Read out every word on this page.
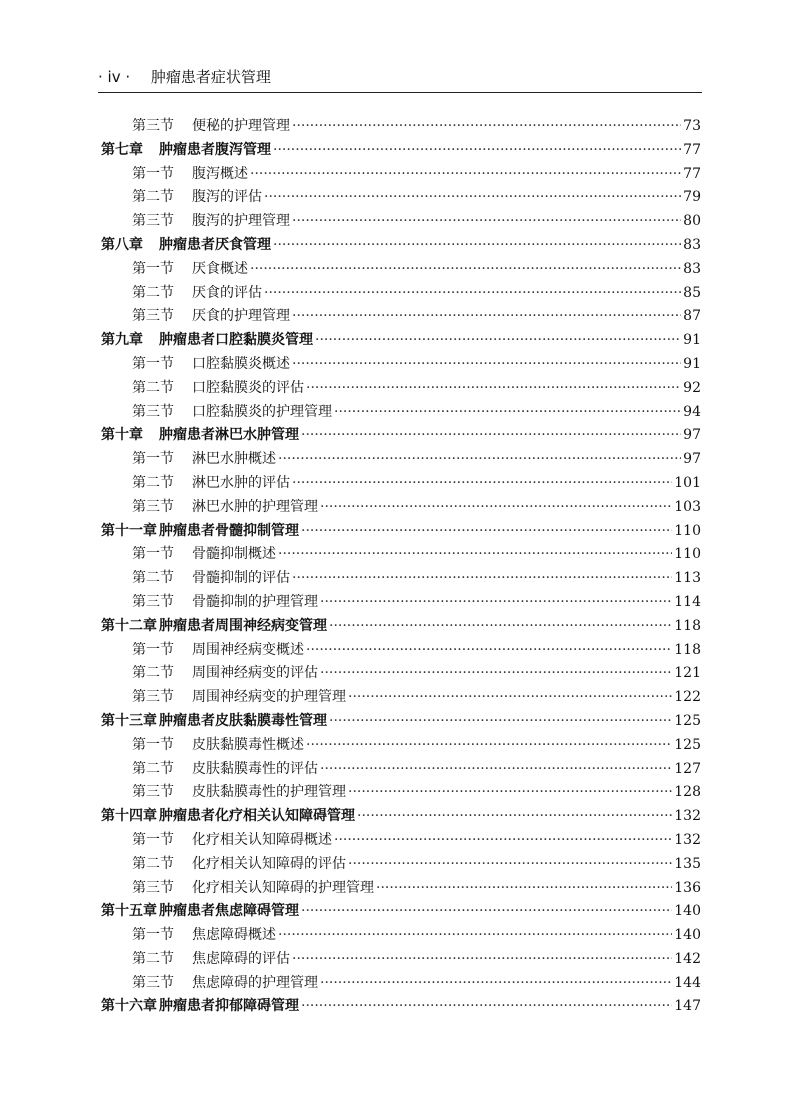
· iv · 肿瘤患者症状管理
第三节	便秘的护理管理 ·····	73
第七章	肿瘤患者腹泻管理 ·····	77
第一节	腹泻概述 ·····	77
第二节	腹泻的评估 ·····	79
第三节	腹泻的护理管理 ·····	80
第八章	肿瘤患者厌食管理 ·····	83
第一节	厌食概述 ·····	83
第二节	厌食的评估 ·····	85
第三节	厌食的护理管理 ·····	87
第九章	肿瘤患者口腔黏膜炎管理 ·····	91
第一节	口腔黏膜炎概述 ·····	91
第二节	口腔黏膜炎的评估 ·····	92
第三节	口腔黏膜炎的护理管理 ·····	94
第十章	肿瘤患者淋巴水肿管理 ·····	97
第一节	淋巴水肿概述 ·····	97
第二节	淋巴水肿的评估 ·····	101
第三节	淋巴水肿的护理管理 ·····	103
第十一章 肿瘤患者骨髓抑制管理 ·····	110
第一节	骨髓抑制概述 ·····	110
第二节	骨髓抑制的评估 ·····	113
第三节	骨髓抑制的护理管理 ·····	114
第十二章 肿瘤患者周围神经病变管理 ·····	118
第一节	周围神经病变概述 ·····	118
第二节	周围神经病变的评估 ·····	121
第三节	周围神经病变的护理管理 ·····	122
第十三章 肿瘤患者皮肤黏膜毒性管理 ·····	125
第一节	皮肤黏膜毒性概述 ·····	125
第二节	皮肤黏膜毒性的评估 ·····	127
第三节	皮肤黏膜毒性的护理管理 ·····	128
第十四章 肿瘤患者化疗相关认知障碍管理 ·····	132
第一节	化疗相关认知障碍概述 ·····	132
第二节	化疗相关认知障碍的评估 ·····	135
第三节	化疗相关认知障碍的护理管理 ·····	136
第十五章 肿瘤患者焦虑障碍管理 ·····	140
第一节	焦虑障碍概述 ·····	140
第二节	焦虑障碍的评估 ·····	142
第三节	焦虑障碍的护理管理 ·····	144
第十六章 肿瘤患者抑郁障碍管理 ·····	147
